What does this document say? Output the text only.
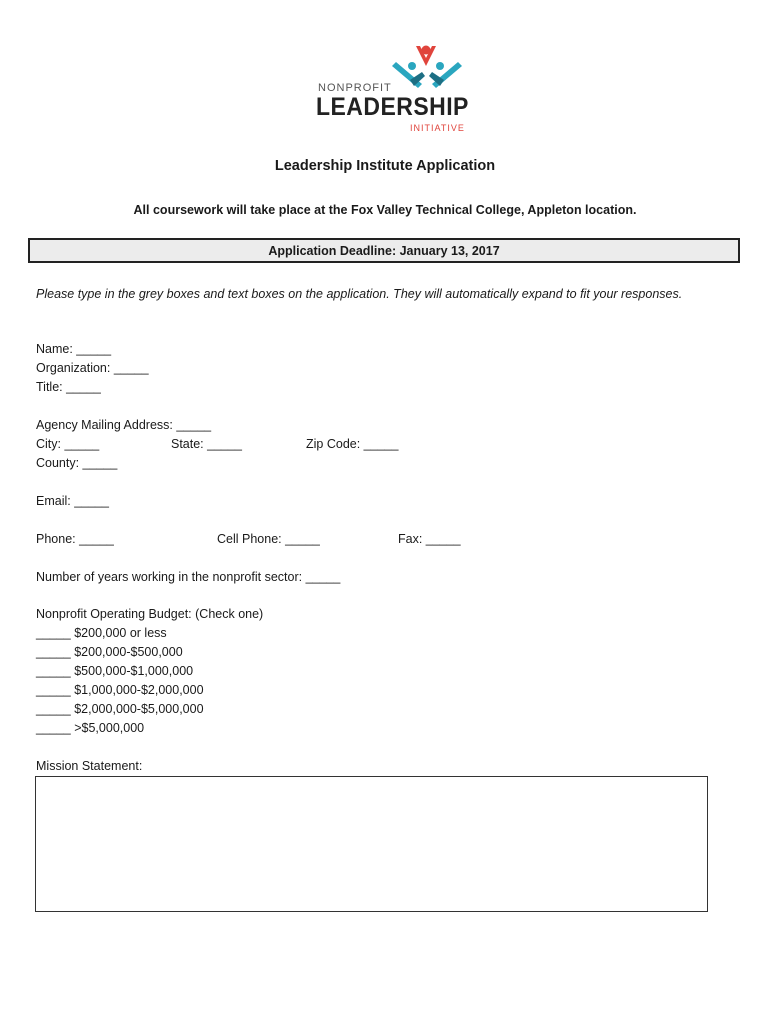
NONPROFIT
LEADERSHIP
INITIATIVE
Leadership Institute Application
All coursework will take place at the Fox Valley Technical College, Appleton location.
Application Deadline: January 13, 2017
Please type in the grey boxes and text boxes on the application. They will automatically expand to fit your responses.
Name: _____
Organization: _____
Title: _____
Agency Mailing Address: _____
City: _____	State: _____	Zip Code: _____
County: _____
Email: _____
Phone: _____	Cell Phone: _____	Fax: _____
Number of years working in the nonprofit sector: _____
Nonprofit Operating Budget: (Check one)
_____ $200,000 or less
_____ $200,000-$500,000
_____ $500,000-$1,000,000
_____ $1,000,000-$2,000,000
_____ $2,000,000-$5,000,000
_____ >$5,000,000
Mission Statement:
